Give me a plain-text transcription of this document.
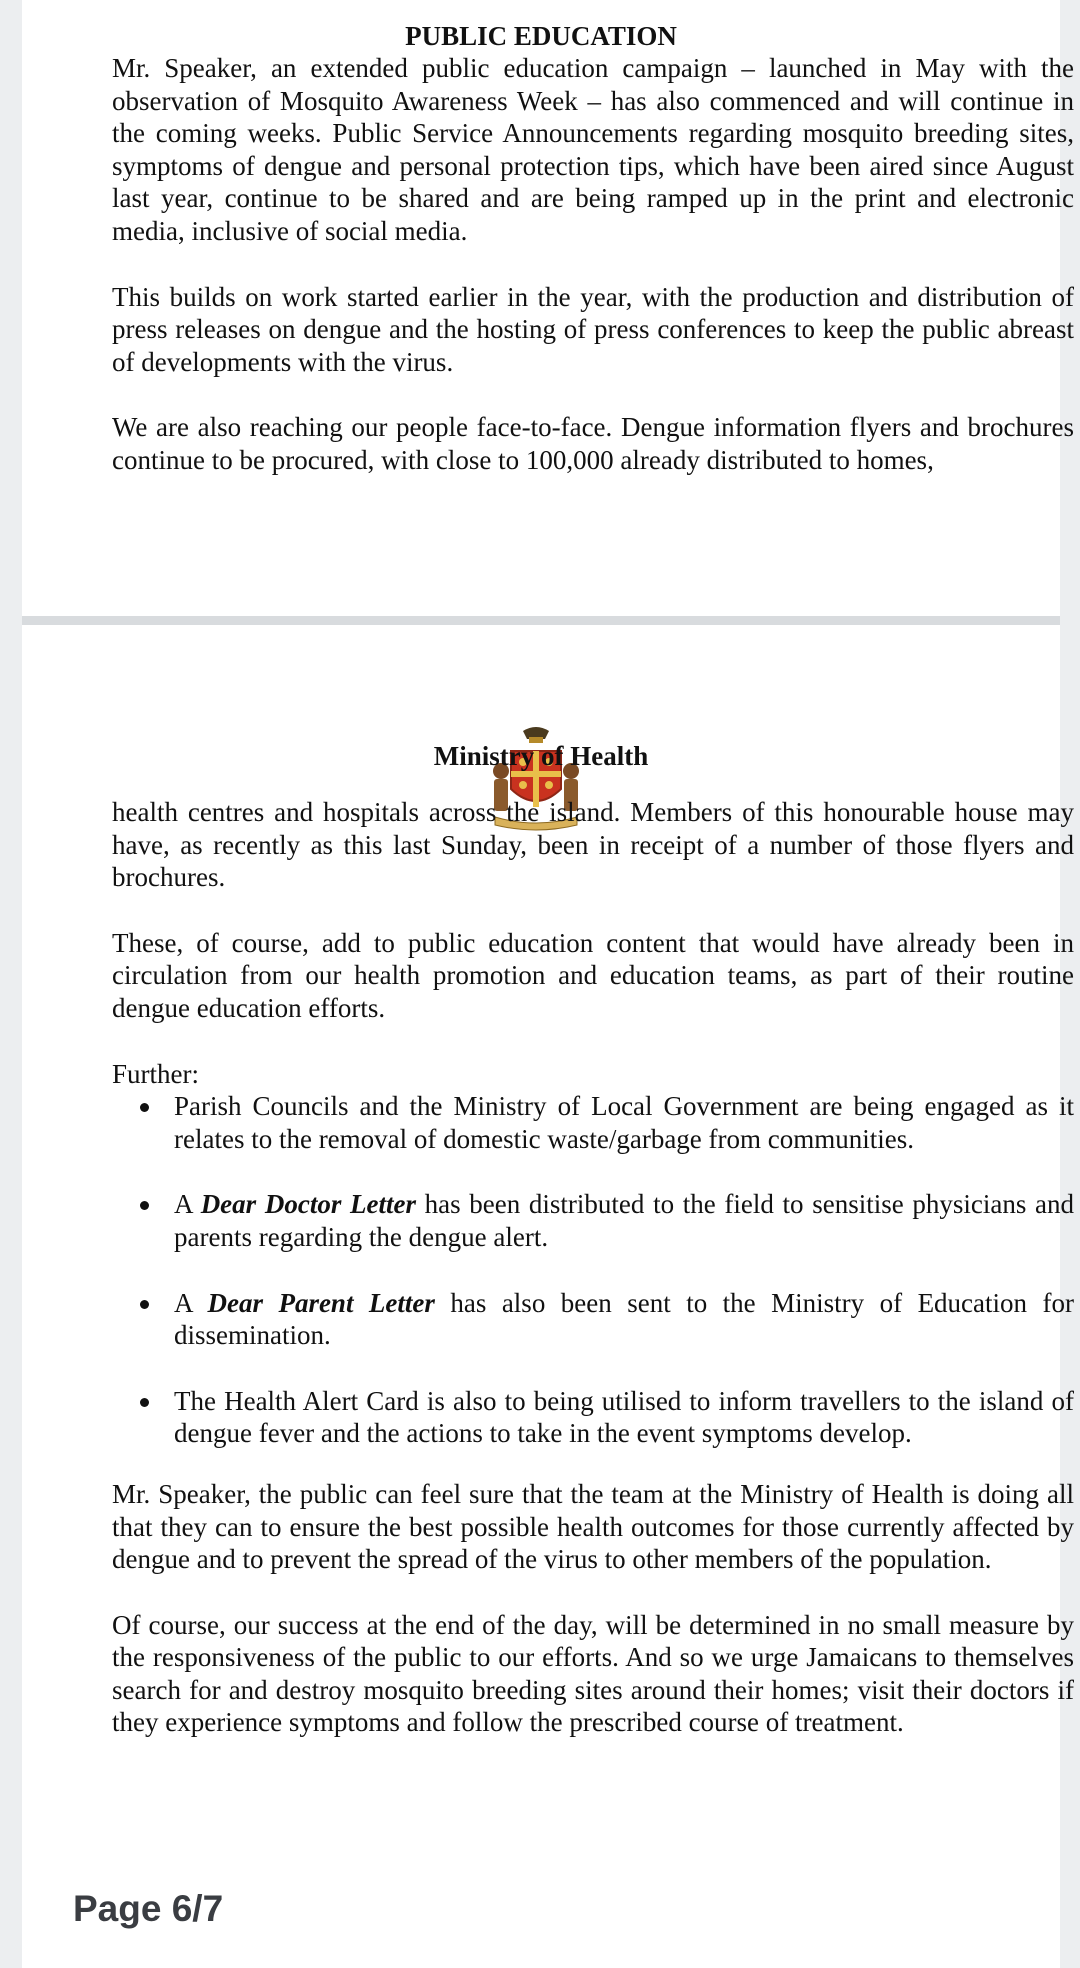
PUBLIC EDUCATION

Mr. Speaker, an extended public education campaign – launched in May with the observation of Mosquito Awareness Week – has also commenced and will continue in the coming weeks. Public Service Announcements regarding mosquito breeding sites, symptoms of dengue and personal protection tips, which have been aired since August last year, continue to be shared and are being ramped up in the print and electronic media, inclusive of social media.

This builds on work started earlier in the year, with the production and distribution of press releases on dengue and the hosting of press conferences to keep the public abreast of developments with the virus.

We are also reaching our people face-to-face. Dengue information flyers and brochures continue to be procured, with close to 100,000 already distributed to homes,

Ministry of Health

health centres and hospitals across the island. Members of this honourable house may have, as recently as this last Sunday, been in receipt of a number of those flyers and brochures.

These, of course, add to public education content that would have already been in circulation from our health promotion and education teams, as part of their routine dengue education efforts.

Further:

Parish Councils and the Ministry of Local Government are being engaged as it relates to the removal of domestic waste/garbage from communities.
A Dear Doctor Letter has been distributed to the field to sensitise physicians and parents regarding the dengue alert.
A Dear Parent Letter has also been sent to the Ministry of Education for dissemination.
The Health Alert Card is also to being utilised to inform travellers to the island of dengue fever and the actions to take in the event symptoms develop.

Mr. Speaker, the public can feel sure that the team at the Ministry of Health is doing all that they can to ensure the best possible health outcomes for those currently affected by dengue and to prevent the spread of the virus to other members of the population.

Of course, our success at the end of the day, will be determined in no small measure by the responsiveness of the public to our efforts. And so we urge Jamaicans to themselves search for and destroy mosquito breeding sites around their homes; visit their doctors if they experience symptoms and follow the prescribed course of treatment.

Page 6/7
